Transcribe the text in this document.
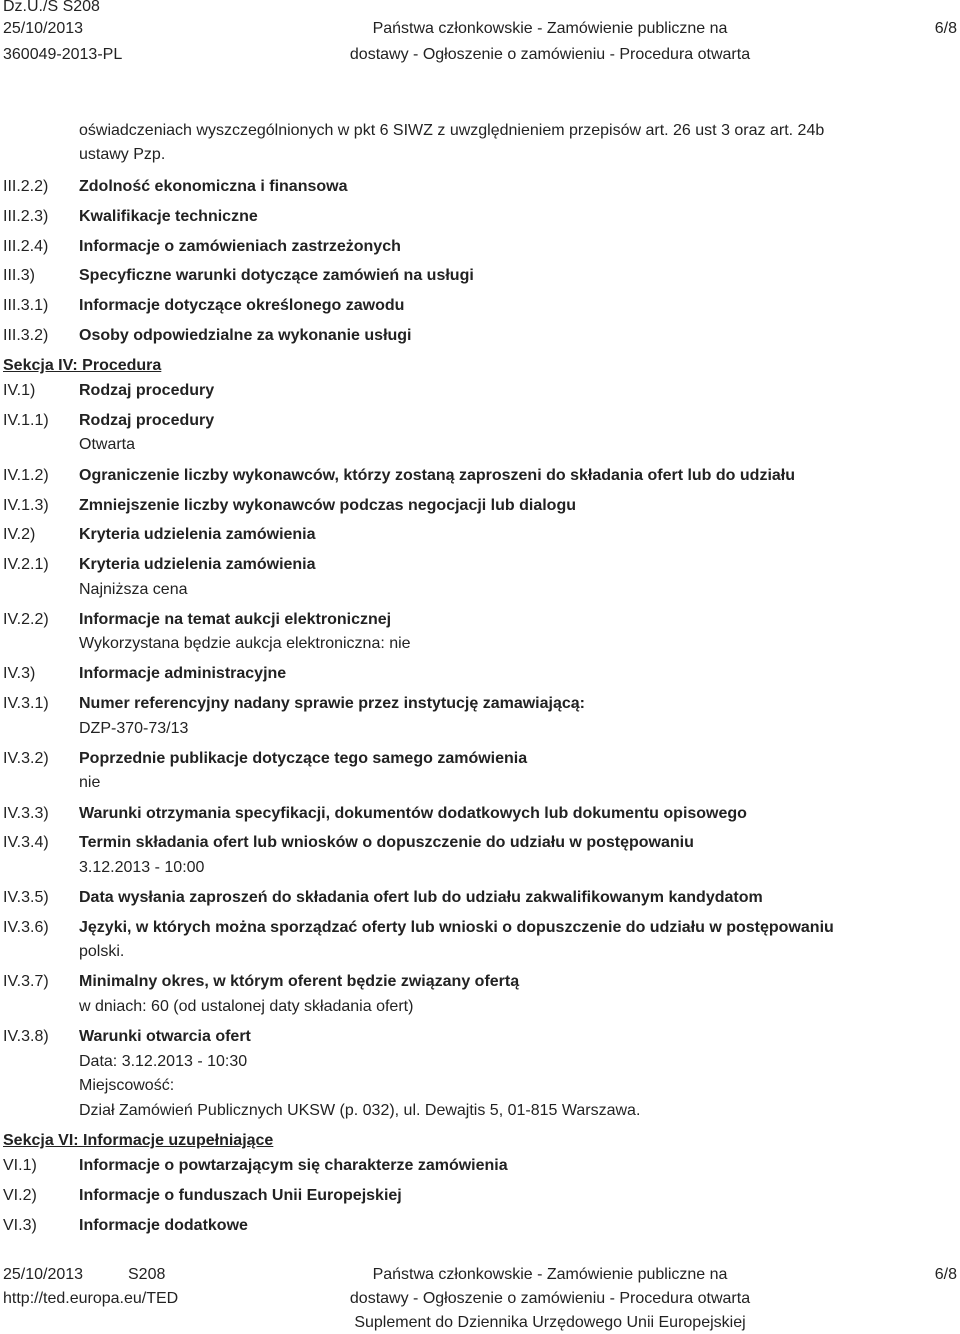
Dz.U./S S208
25/10/2013	Państwa członkowskie - Zamówienie publiczne na	6/8
360049-2013-PL	dostawy - Ogłoszenie o zamówieniu - Procedura otwarta
oświadczeniach wyszczególnionych w pkt 6 SIWZ z uwzględnieniem przepisów art. 26 ust 3 oraz art. 24b
ustawy Pzp.
III.2.2) Zdolność ekonomiczna i finansowa
III.2.3) Kwalifikacje techniczne
III.2.4) Informacje o zamówieniach zastrzeżonych
III.3)	Specyficzne warunki dotyczące zamówień na usługi
III.3.1) Informacje dotyczące określonego zawodu
III.3.2) Osoby odpowiedzialne za wykonanie usługi
Sekcja IV: Procedura
IV.1)	Rodzaj procedury
IV.1.1) Rodzaj procedury
Otwarta
IV.1.2) Ograniczenie liczby wykonawców, którzy zostaną zaproszeni do składania ofert lub do udziału
IV.1.3) Zmniejszenie liczby wykonawców podczas negocjacji lub dialogu
IV.2)	Kryteria udzielenia zamówienia
IV.2.1) Kryteria udzielenia zamówienia
Najniższa cena
IV.2.2) Informacje na temat aukcji elektronicznej
Wykorzystana będzie aukcja elektroniczna: nie
IV.3)	Informacje administracyjne
IV.3.1) Numer referencyjny nadany sprawie przez instytucję zamawiającą:
DZP-370-73/13
IV.3.2) Poprzednie publikacje dotyczące tego samego zamówienia
nie
IV.3.3) Warunki otrzymania specyfikacji, dokumentów dodatkowych lub dokumentu opisowego
IV.3.4) Termin składania ofert lub wniosków o dopuszczenie do udziału w postępowaniu
3.12.2013 - 10:00
IV.3.5) Data wysłania zaproszeń do składania ofert lub do udziału zakwalifikowanym kandydatom
IV.3.6) Języki, w których można sporządzać oferty lub wnioski o dopuszczenie do udziału w postępowaniu
polski.
IV.3.7) Minimalny okres, w którym oferent będzie związany ofertą
w dniach: 60 (od ustalonej daty składania ofert)
IV.3.8) Warunki otwarcia ofert
Data: 3.12.2013 - 10:30
Miejscowość:
Dział Zamówień Publicznych UKSW (p. 032), ul. Dewajtis 5, 01-815 Warszawa.
Sekcja VI: Informacje uzupełniające
VI.1)	Informacje o powtarzającym się charakterze zamówienia
VI.2)	Informacje o funduszach Unii Europejskiej
VI.3)	Informacje dodatkowe
25/10/2013	S208	Państwa członkowskie - Zamówienie publiczne na	6/8
http://ted.europa.eu/TED	dostawy - Ogłoszenie o zamówieniu - Procedura otwarta
Suplement do Dziennika Urzędowego Unii Europejskiej
